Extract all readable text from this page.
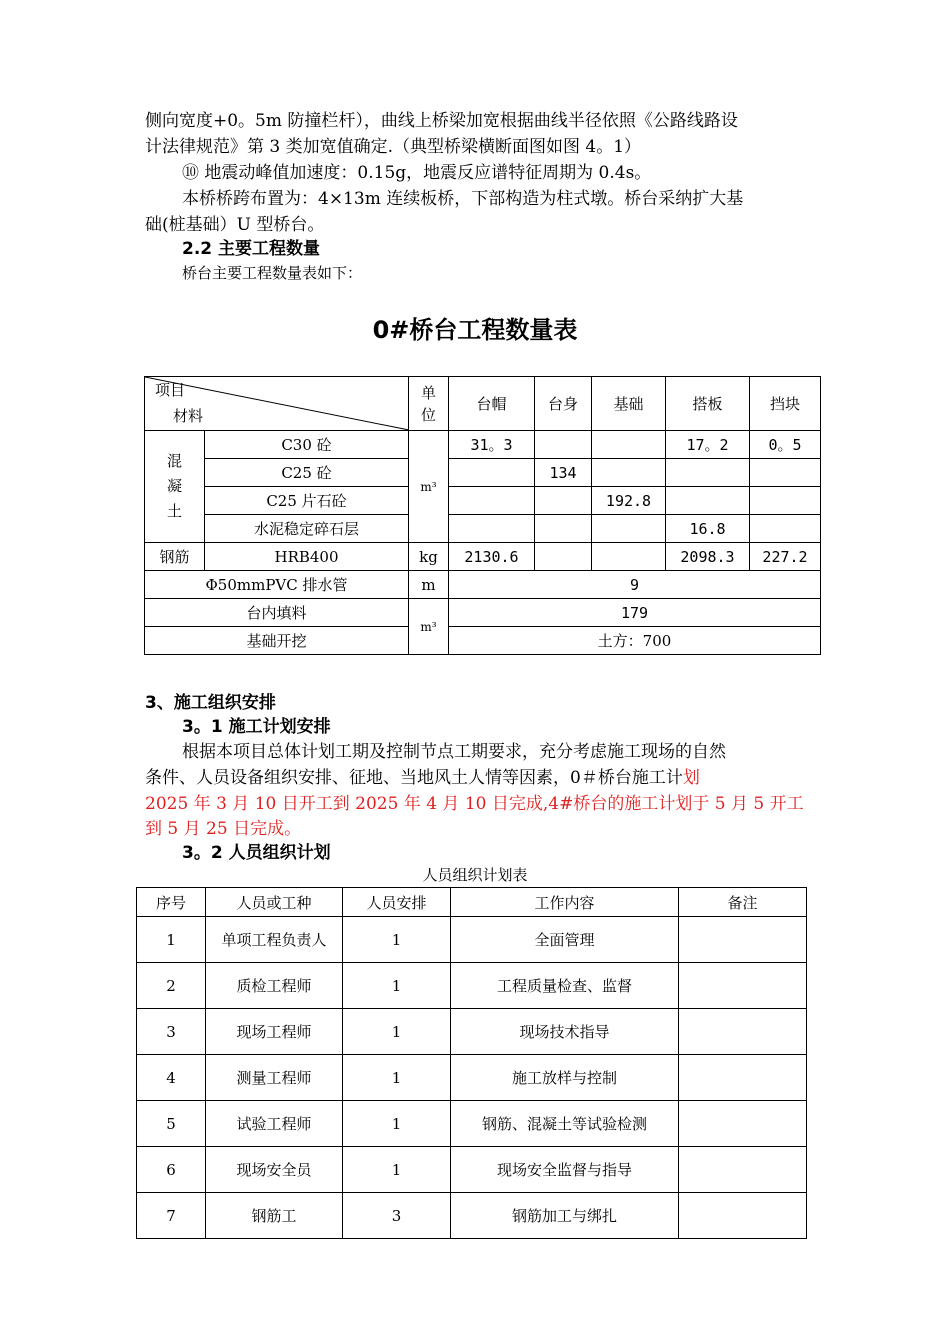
侧向宽度+0。5m 防撞栏杆），曲线上桥梁加宽根据曲线半径依照《公路线路设
计法律规范》第 3 类加宽值确定.（典型桥梁横断面图如图 4。1）
⑩ 地震动峰值加速度：0.15g，地震反应谱特征周期为 0.4s。
本桥桥跨布置为：4×13m 连续板桥，下部构造为柱式墩。桥台采纳扩大基
础(桩基础）U 型桥台。
2.2 主要工程数量
桥台主要工程数量表如下：
0#桥台工程数量表
项目
材料		单位	台帽	台身	基础	搭板	挡块
混凝土	C30 砼	m³	31。3			17。2	0。5
	C25 砼			134			
	C25 片石砼				192.8		
	水泥稳定碎石层					16.8	
钢筋	HRB400	kg	2130.6			2098.3	227.2
Φ50mmPVC 排水管		m	9				
台内填料		m³	179				
基础开挖			土方：700				
3、施工组织安排
3。1 施工计划安排
根据本项目总体计划工期及控制节点工期要求，充分考虑施工现场的自然
条件、人员设备组织安排、征地、当地风土人情等因素，0＃桥台施工计划
2025 年 3 月 10 日开工到 2025 年 4 月 10 日完成,4#桥台的施工计划于 5 月 5 开工
到 5 月 25 日完成。
3。2 人员组织计划
人员组织计划表
序号	人员或工种	人员安排	工作内容	备注
1	单项工程负责人	1	全面管理	
2	质检工程师	1	工程质量检查、监督	
3	现场工程师	1	现场技术指导	
4	测量工程师	1	施工放样与控制	
5	试验工程师	1	钢筋、混凝土等试验检测	
6	现场安全员	1	现场安全监督与指导	
7	钢筋工	3	钢筋加工与绑扎	
